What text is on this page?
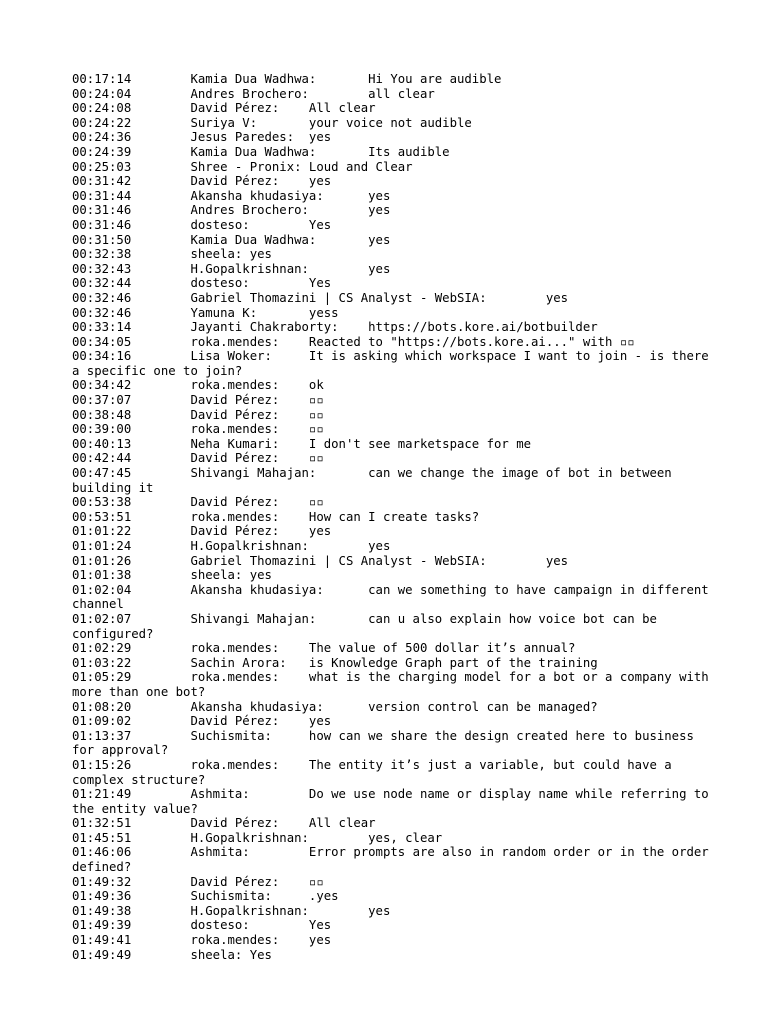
00:17:14	Kamia Dua Wadhwa:	Hi You are audible
00:24:04	Andres Brochero:	all clear
00:24:08	David Pérez:	All clear
00:24:22	Suriya V:	your voice not audible
00:24:36	Jesus Paredes:	yes
00:24:39	Kamia Dua Wadhwa:	Its audible
00:25:03	Shree - Pronix:	Loud and Clear
00:31:42	David Pérez:	yes
00:31:44	Akansha khudasiya:	yes
00:31:46	Andres Brochero:	yes
00:31:46	dosteso:	Yes
00:31:50	Kamia Dua Wadhwa:	yes
00:32:38	sheela:	yes
00:32:43	H.Gopalkrishnan:	yes
00:32:44	dosteso:	Yes
00:32:46	Gabriel Thomazini | CS Analyst - WebSIA:	yes
00:32:46	Yamuna K:	yess
00:33:14	Jayanti Chakraborty:	https://bots.kore.ai/botbuilder
00:34:05	roka.mendes:	Reacted to "https://bots.kore.ai..." with ▫▫
00:34:16	Lisa Woker:	It is asking which workspace I want to join - is there a specific one to join?
00:34:42	roka.mendes:	ok
00:37:07	David Pérez:	▫▫
00:38:48	David Pérez:	▫▫
00:39:00	roka.mendes:	▫▫
00:40:13	Neha Kumari:	I don't see marketspace for me
00:42:44	David Pérez:	▫▫
00:47:45	Shivangi Mahajan:	can we change the image of bot in between building it
00:53:38	David Pérez:	▫▫
00:53:51	roka.mendes:	How can I create tasks?
01:01:22	David Pérez:	yes
01:01:24	H.Gopalkrishnan:	yes
01:01:26	Gabriel Thomazini | CS Analyst - WebSIA:	yes
01:01:38	sheela:	yes
01:02:04	Akansha khudasiya:	can we something to have campaign in different channel
01:02:07	Shivangi Mahajan:	can u also explain how voice bot can be configured?
01:02:29	roka.mendes:	The value of 500 dollar it’s annual?
01:03:22	Sachin Arora:	is Knowledge Graph part of the training
01:05:29	roka.mendes:	what is the charging model for a bot or a company with more than one bot?
01:08:20	Akansha khudasiya:	version control can be managed?
01:09:02	David Pérez:	yes
01:13:37	Suchismita:	how can we share the design created here to business for approval?
01:15:26	roka.mendes:	The entity it’s just a variable, but could have a complex structure?
01:21:49	Ashmita:	Do we use node name or display name while referring to the entity value?
01:32:51	David Pérez:	All clear
01:45:51	H.Gopalkrishnan:	yes, clear
01:46:06	Ashmita:	Error prompts are also in random order or in the order defined?
01:49:32	David Pérez:	▫▫
01:49:36	Suchismita:	.yes
01:49:38	H.Gopalkrishnan:	yes
01:49:39	dosteso:	Yes
01:49:41	roka.mendes:	yes
01:49:49	sheela:	Yes
